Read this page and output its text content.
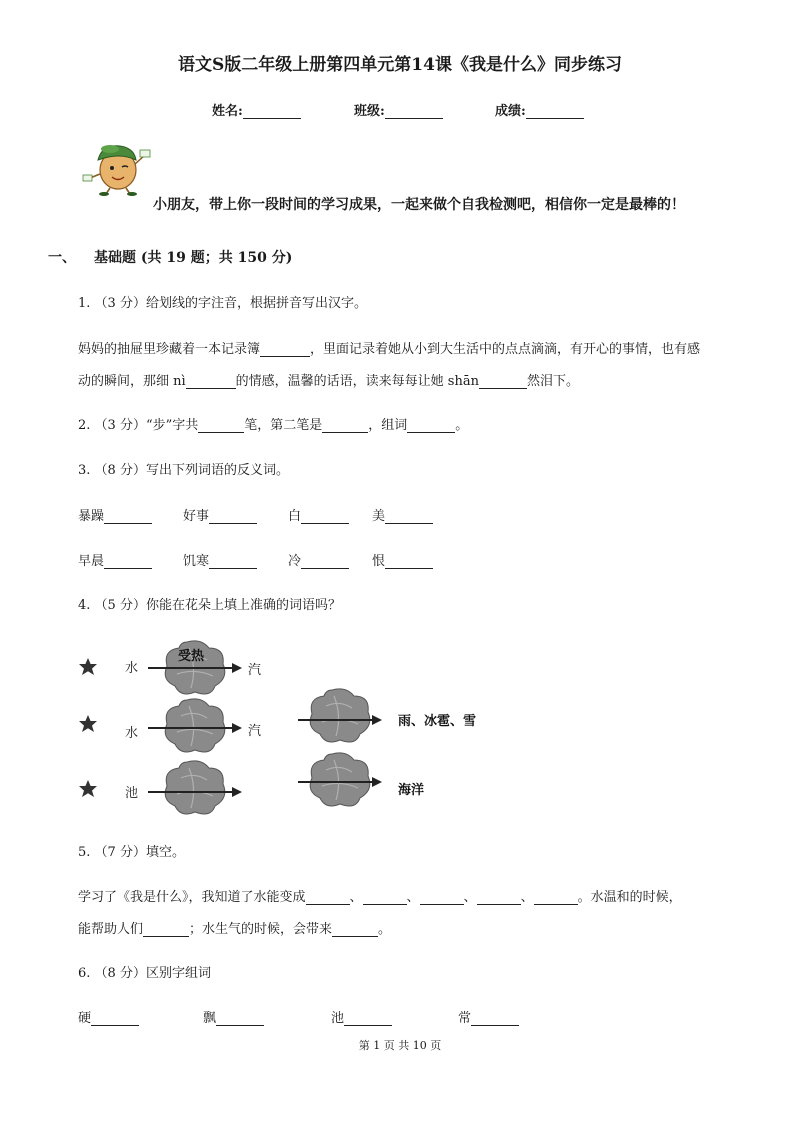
语文S版二年级上册第四单元第14课《我是什么》同步练习
姓名:	班级:	成绩:
小朋友，带上你一段时间的学习成果，一起来做个自我检测吧，相信你一定是最棒的！
一、 基础题 (共 19 题；共 150 分)
1. （3 分）给划线的字注音，根据拼音写出汉字。
妈妈的抽屉里珍藏着一本记录簿	，里面记录着她从小到大生活中的点点滴滴，有开心的事情，也有感
动的瞬间，那细 nì	的情感，温馨的话语，读来每每让她 shān	然泪下。
2. （3 分）“步”字共	笔，第二笔是	，组词	。
3. （8 分）写出下列词语的反义词。
暴躁	好事	白	美
早晨	饥寒	冷	恨
4. （5 分）你能在花朵上填上准确的词语吗？
水
受热
汽
水	汽
雨、冰雹、雪
池	海洋
5. （7 分）填空。
学习了《我是什么》，我知道了水能变成	、	、	、	、	。水温和的时候，
能帮助人们	；水生气的时候，会带来	。
6. （8 分）区别字组词
硬	飘	池	常
第 1 页 共 10 页
